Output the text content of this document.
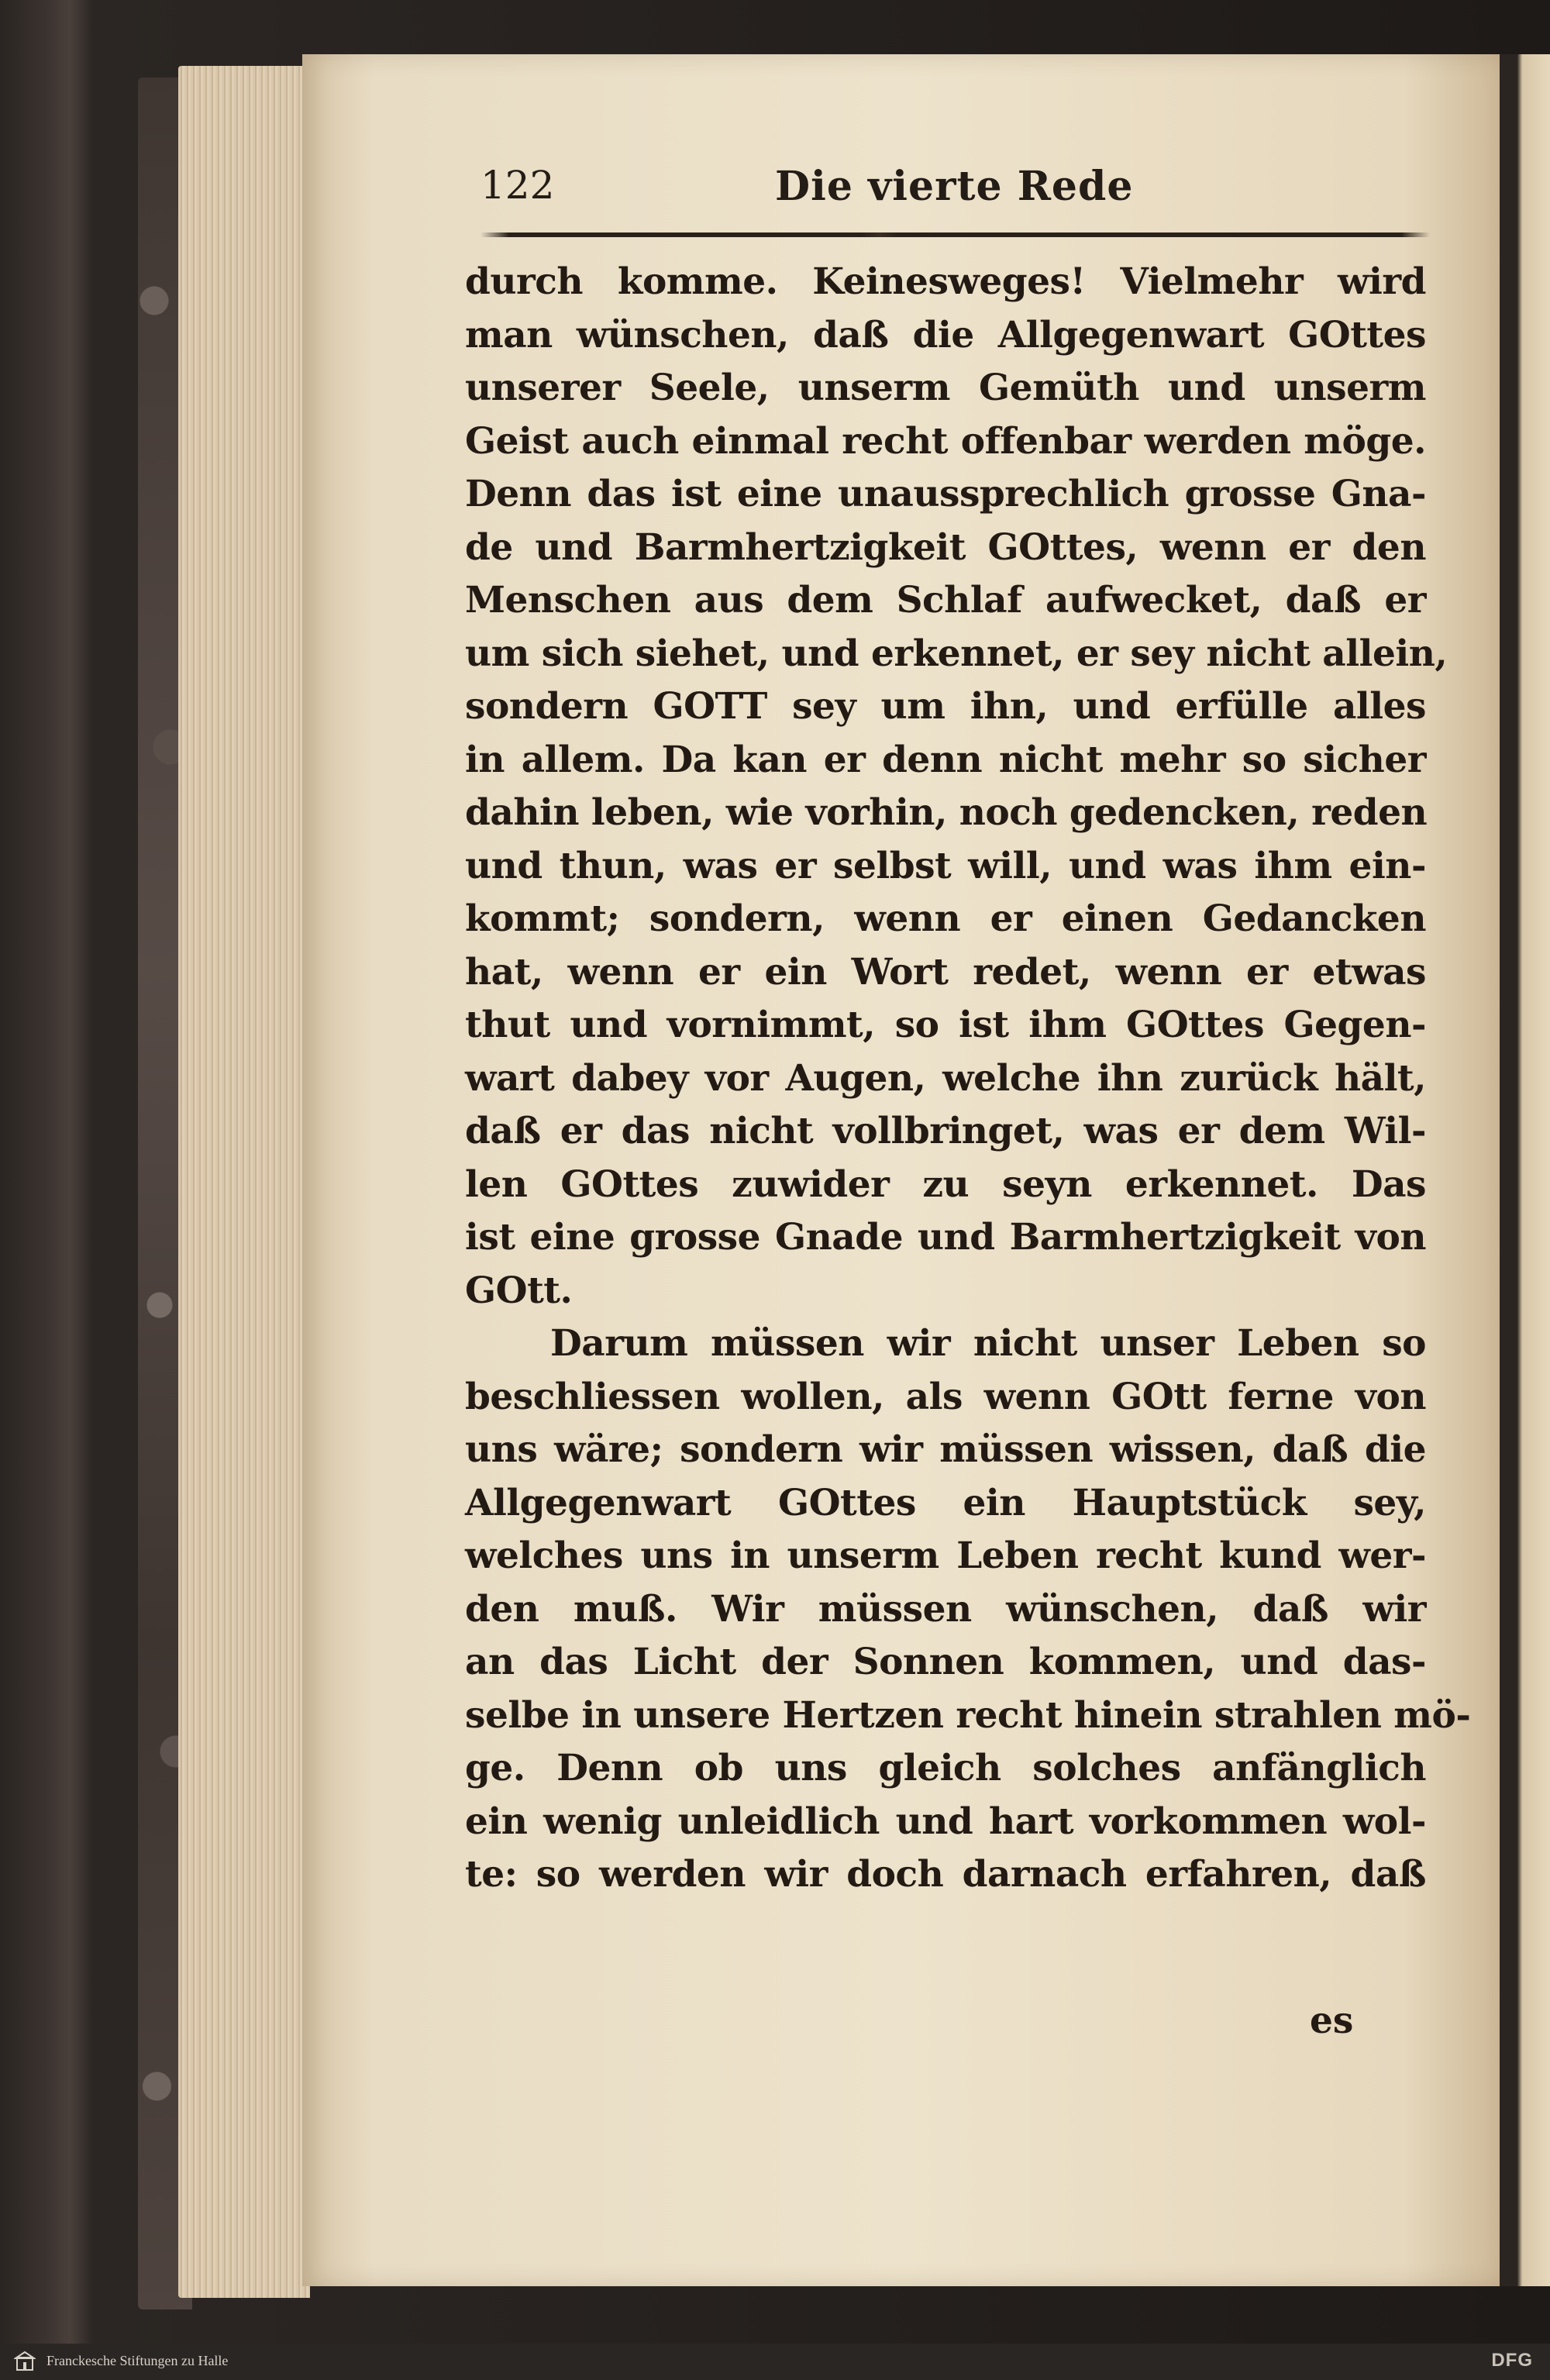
122	Die vierte Rede
durch komme. Keinesweges! Vielmehr wird
man wünschen, daß die Allgegenwart GOttes
unserer Seele, unserm Gemüth und unserm
Geist auch einmal recht offenbar werden möge.
Denn das ist eine unaussprechlich grosse Gna-
de und Barmhertzigkeit GOttes, wenn er den
Menschen aus dem Schlaf aufwecket, daß er
um sich siehet, und erkennet, er sey nicht allein,
sondern GOTT sey um ihn, und erfülle alles
in allem. Da kan er denn nicht mehr so sicher
dahin leben, wie vorhin, noch gedencken, reden
und thun, was er selbst will, und was ihm ein-
kommt; sondern, wenn er einen Gedancken
hat, wenn er ein Wort redet, wenn er etwas
thut und vornimmt, so ist ihm GOttes Gegen-
wart dabey vor Augen, welche ihn zurück hält,
daß er das nicht vollbringet, was er dem Wil-
len GOttes zuwider zu seyn erkennet. Das
ist eine grosse Gnade und Barmhertzigkeit von
GOtt.
Darum müssen wir nicht unser Leben so
beschliessen wollen, als wenn GOtt ferne von
uns wäre; sondern wir müssen wissen, daß die
Allgegenwart GOttes ein Hauptstück sey,
welches uns in unserm Leben recht kund wer-
den muß. Wir müssen wünschen, daß wir
an das Licht der Sonnen kommen, und das-
selbe in unsere Hertzen recht hinein strahlen mö-
ge. Denn ob uns gleich solches anfänglich
ein wenig unleidlich und hart vorkommen wol-
te: so werden wir doch darnach erfahren, daß
es
Franckesche Stiftungen zu Halle	DFG
